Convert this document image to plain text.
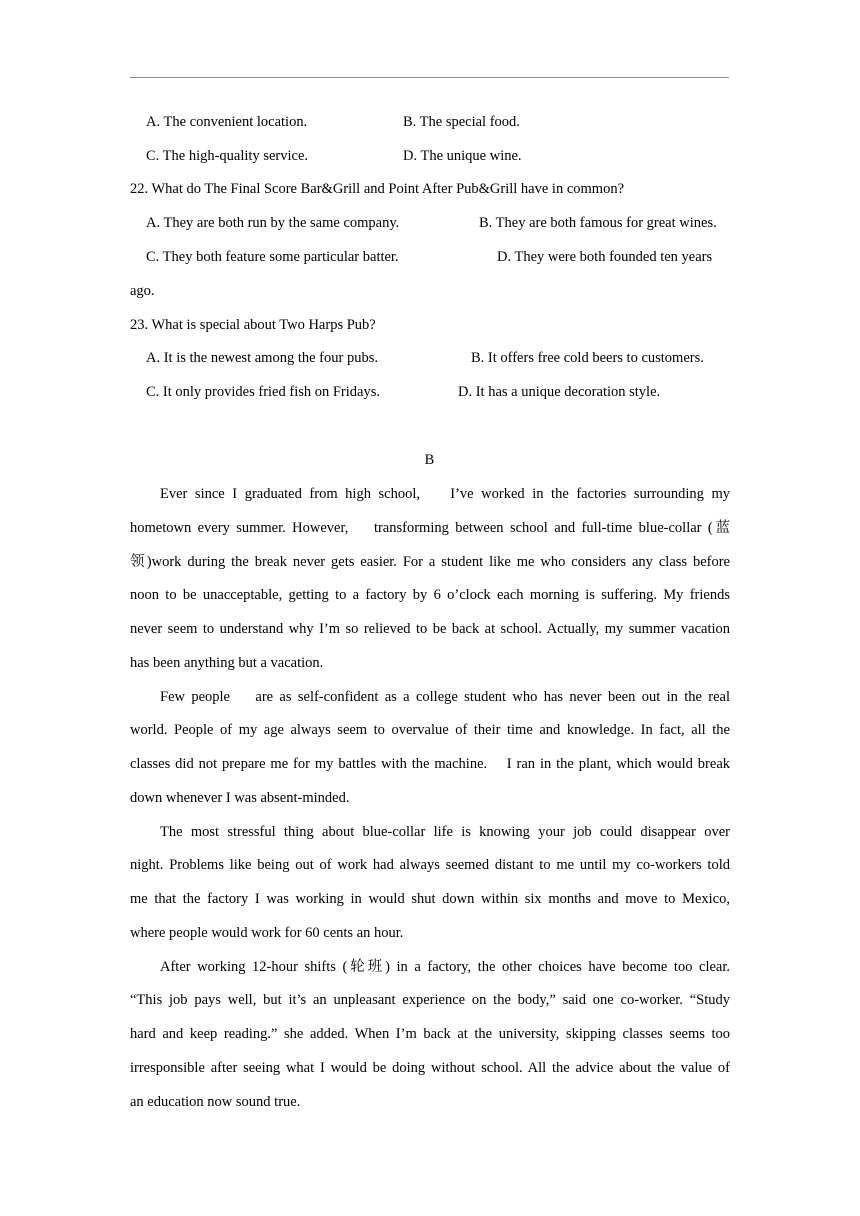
A. The convenient location.	B. The special food.
C. The high-quality service.	D. The unique wine.
22. What do The Final Score Bar&Grill and Point After Pub&Grill have in common?
A. They are both run by the same company.	B. They are both famous for great wines.
C. They both feature some particular batter.	D. They were both founded ten years
ago.
23. What is special about Two Harps Pub?
A. It is the newest among the four pubs.	B. It offers free cold beers to customers.
C. It only provides fried fish on Fridays.	D. It has a unique decoration style.
B
Ever since I graduated from high school,    I’ve worked in the factories surrounding my
hometown every summer. However,    transforming between school and full-time blue-collar (蓝
领)work during the break never gets easier. For a student like me who considers any class before
noon to be unacceptable, getting to a factory by 6 o’clock each morning is suffering. My friends
never seem to understand why I’m so relieved to be back at school. Actually, my summer vacation
has been anything but a vacation.
Few people    are as self-confident as a college student who has never been out in the real
world. People of my age always seem to overvalue of their time and knowledge. In fact, all the
classes did not prepare me for my battles with the machine.    I ran in the plant, which would break
down whenever I was absent-minded.
The most stressful thing about blue-collar life is knowing your job could disappear over
night. Problems like being out of work had always seemed distant to me until my co-workers told
me that the factory I was working in would shut down within six months and move to Mexico,
where people would work for 60 cents an hour.
After working 12-hour shifts (轮班) in a factory, the other choices have become too clear.
“This job pays well, but it’s an unpleasant experience on the body,” said one co-worker. “Study
hard and keep reading.” she added. When I’m back at the university, skipping classes seems too
irresponsible after seeing what I would be doing without school. All the advice about the value of
an education now sound true.
